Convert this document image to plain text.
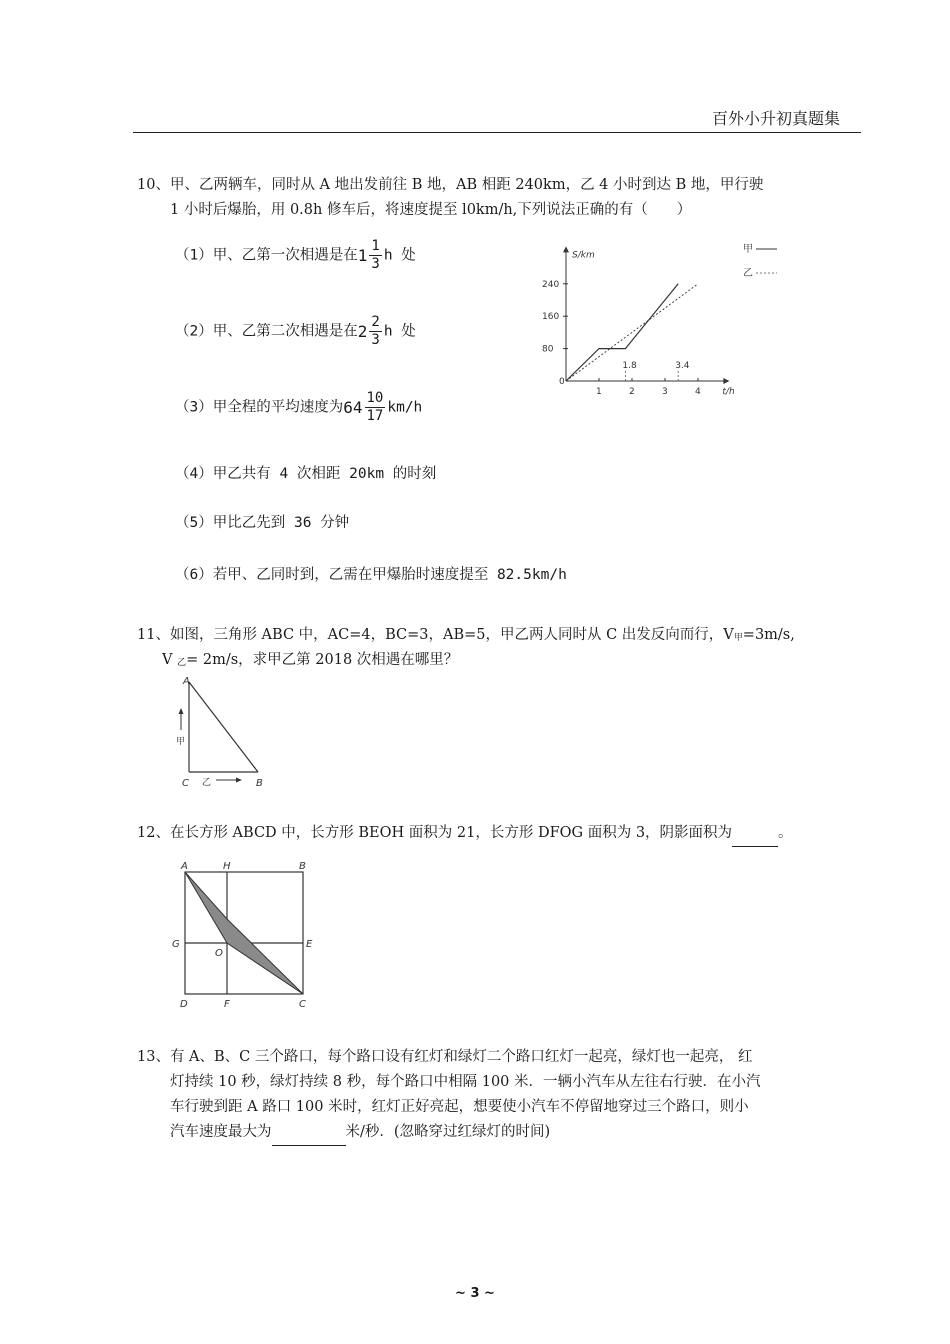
百外小升初真题集
10、甲、乙两辆车，同时从 A 地出发前往 B 地，AB 相距 240km，乙 4 小时到达 B 地，甲行驶
1 小时后爆胎，用 0.8h 修车后，将速度提至 l0km/h,下列说法正确的有（　　）
（1）甲、乙第一次相遇是在$1 \frac{1}{3}$ h 处
（2）甲、乙第二次相遇是在$2 \frac{2}{3}$ h 处
（3）甲全程的平均速度为$64 \frac{10}{17} km/h$
（4）甲乙共有 4 次相距 20km 的时刻
（5）甲比乙先到 36 分钟
（6）若甲、乙同时到，乙需在甲爆胎时速度提至 82.5km/h
S/km
t/h
0
1	2	3	4
80
160
240
1.8	3.4
甲
乙
11、如图，三角形 ABC 中，AC=4，BC=3，AB=5，甲乙两人同时从 C 出发反向而行，V甲=3m/s,
V 乙= 2m/s，求甲乙第 2018 次相遇在哪里？
A
C	B
甲
乙
12、在长方形 ABCD 中，长方形 BEOH 面积为 21，长方形 DFOG 面积为 3，阴影面积为	。
A	H	B
G
O
E
D	F	C
13、有 A、B、C 三个路口，每个路口设有红灯和绿灯二个路口红灯一起亮，绿灯也一起亮， 红
灯持续 10 秒，绿灯持续 8 秒，每个路口中相隔 100 米．一辆小汽车从左往右行驶．在小汽
车行驶到距 A 路口 100 米时，红灯正好亮起，想要使小汽车不停留地穿过三个路口，则小
汽车速度最大为	米/秒．(忽略穿过红绿灯的时间)
~ 3 ~
